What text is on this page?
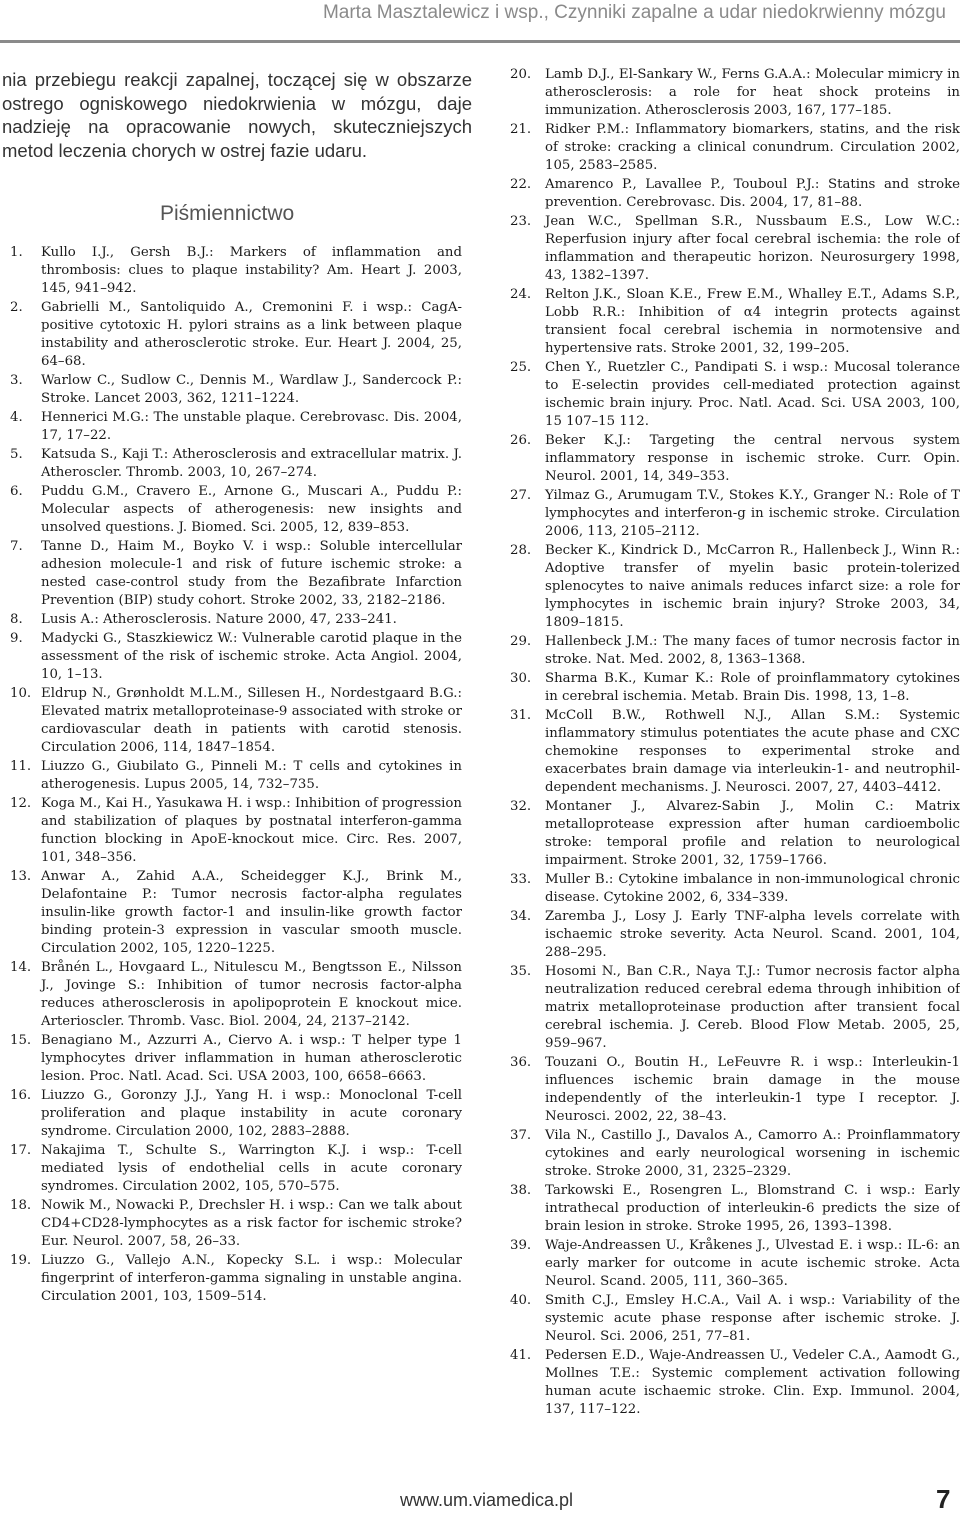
Marta Masztalewicz i wsp., Czynniki zapalne a udar niedokrwienny mózgu

nia przebiegu reakcji zapalnej, toczącej się w obszarze ostrego ogniskowego niedokrwienia w mózgu, daje nadzieję na opracowanie nowych, skuteczniejszych metod leczenia chorych w ostrej fazie udaru.

Piśmiennictwo
1. Kullo I.J., Gersh B.J.: Markers of inflammation and thrombosis: clues to plaque instability? Am. Heart J. 2003, 145, 941–942.
2. Gabrielli M., Santoliquido A., Cremonini F. i wsp.: CagA-positive cytotoxic H. pylori strains as a link between plaque instability and atherosclerotic stroke. Eur. Heart J. 2004, 25, 64–68.
3. Warlow C., Sudlow C., Dennis M., Wardlaw J., Sandercock P.: Stroke. Lancet 2003, 362, 1211–1224.
4. Hennerici M.G.: The unstable plaque. Cerebrovasc. Dis. 2004, 17, 17–22.
5. Katsuda S., Kaji T.: Atherosclerosis and extracellular matrix. J. Atheroscler. Thromb. 2003, 10, 267–274.
6. Puddu G.M., Cravero E., Arnone G., Muscari A., Puddu P.: Molecular aspects of atherogenesis: new insights and unsolved questions. J. Biomed. Sci. 2005, 12, 839–853.
7. Tanne D., Haim M., Boyko V. i wsp.: Soluble intercellular adhesion molecule-1 and risk of future ischemic stroke: a nested case-control study from the Bezafibrate Infarction Prevention (BIP) study cohort. Stroke 2002, 33, 2182–2186.
8. Lusis A.: Atherosclerosis. Nature 2000, 47, 233–241.
9. Madycki G., Staszkiewicz W.: Vulnerable carotid plaque in the assessment of the risk of ischemic stroke. Acta Angiol. 2004, 10, 1–13.
10. Eldrup N., Grønholdt M.L.M., Sillesen H., Nordestgaard B.G.: Elevated matrix metalloproteinase-9 associated with stroke or cardiovascular death in patients with carotid stenosis. Circulation 2006, 114, 1847–1854.
11. Liuzzo G., Giubilato G., Pinneli M.: T cells and cytokines in atherogenesis. Lupus 2005, 14, 732–735.
12. Koga M., Kai H., Yasukawa H. i wsp.: Inhibition of progression and stabilization of plaques by postnatal interferon-gamma function blocking in ApoE-knockout mice. Circ. Res. 2007, 101, 348–356.
13. Anwar A., Zahid A.A., Scheidegger K.J., Brink M., Delafontaine P.: Tumor necrosis factor-alpha regulates insulin-like growth factor-1 and insulin-like growth factor binding protein-3 expression in vascular smooth muscle. Circulation 2002, 105, 1220–1225.
14. Brånén L., Hovgaard L., Nitulescu M., Bengtsson E., Nilsson J., Jovinge S.: Inhibition of tumor necrosis factor-alpha reduces atherosclerosis in apolipoprotein E knockout mice. Arterioscler. Thromb. Vasc. Biol. 2004, 24, 2137–2142.
15. Benagiano M., Azzurri A., Ciervo A. i wsp.: T helper type 1 lymphocytes driver inflammation in human atherosclerotic lesion. Proc. Natl. Acad. Sci. USA 2003, 100, 6658–6663.
16. Liuzzo G., Goronzy J.J., Yang H. i wsp.: Monoclonal T-cell proliferation and plaque instability in acute coronary syndrome. Circulation 2000, 102, 2883–2888.
17. Nakajima T., Schulte S., Warrington K.J. i wsp.: T-cell mediated lysis of endothelial cells in acute coronary syndromes. Circulation 2002, 105, 570–575.
18. Nowik M., Nowacki P., Drechsler H. i wsp.: Can we talk about CD4+CD28-lymphocytes as a risk factor for ischemic stroke? Eur. Neurol. 2007, 58, 26–33.
19. Liuzzo G., Vallejo A.N., Kopecky S.L. i wsp.: Molecular fingerprint of interferon-gamma signaling in unstable angina. Circulation 2001, 103, 1509–514.
20. Lamb D.J., El-Sankary W., Ferns G.A.A.: Molecular mimicry in atherosclerosis: a role for heat shock proteins in immunization. Atherosclerosis 2003, 167, 177–185.
21. Ridker P.M.: Inflammatory biomarkers, statins, and the risk of stroke: cracking a clinical conundrum. Circulation 2002, 105, 2583–2585.
22. Amarenco P., Lavallee P., Touboul P.J.: Statins and stroke prevention. Cerebrovasc. Dis. 2004, 17, 81–88.
23. Jean W.C., Spellman S.R., Nussbaum E.S., Low W.C.: Reperfusion injury after focal cerebral ischemia: the role of inflammation and therapeutic horizon. Neurosurgery 1998, 43, 1382–1397.
24. Relton J.K., Sloan K.E., Frew E.M., Whalley E.T., Adams S.P., Lobb R.R.: Inhibition of α4 integrin protects against transient focal cerebral ischemia in normotensive and hypertensive rats. Stroke 2001, 32, 199–205.
25. Chen Y., Ruetzler C., Pandipati S. i wsp.: Mucosal tolerance to E-selectin provides cell-mediated protection against ischemic brain injury. Proc. Natl. Acad. Sci. USA 2003, 100, 15 107–15 112.
26. Beker K.J.: Targeting the central nervous system inflammatory response in ischemic stroke. Curr. Opin. Neurol. 2001, 14, 349–353.
27. Yilmaz G., Arumugam T.V., Stokes K.Y., Granger N.: Role of T lymphocytes and interferon-g in ischemic stroke. Circulation 2006, 113, 2105–2112.
28. Becker K., Kindrick D., McCarron R., Hallenbeck J., Winn R.: Adoptive transfer of myelin basic protein-tolerized splenocytes to naive animals reduces infarct size: a role for lymphocytes in ischemic brain injury? Stroke 2003, 34, 1809–1815.
29. Hallenbeck J.M.: The many faces of tumor necrosis factor in stroke. Nat. Med. 2002, 8, 1363–1368.
30. Sharma B.K., Kumar K.: Role of proinflammatory cytokines in cerebral ischemia. Metab. Brain Dis. 1998, 13, 1–8.
31. McColl B.W., Rothwell N.J., Allan S.M.: Systemic inflammatory stimulus potentiates the acute phase and CXC chemokine responses to experimental stroke and exacerbates brain damage via interleukin-1- and neutrophil-dependent mechanisms. J. Neurosci. 2007, 27, 4403–4412.
32. Montaner J., Alvarez-Sabin J., Molin C.: Matrix metalloprotease expression after human cardioembolic stroke: temporal profile and relation to neurological impairment. Stroke 2001, 32, 1759–1766.
33. Muller B.: Cytokine imbalance in non-immunological chronic disease. Cytokine 2002, 6, 334–339.
34. Zaremba J., Losy J. Early TNF-alpha levels correlate with ischaemic stroke severity. Acta Neurol. Scand. 2001, 104, 288–295.
35. Hosomi N., Ban C.R., Naya T.J.: Tumor necrosis factor alpha neutralization reduced cerebral edema through inhibition of matrix metalloproteinase production after transient focal cerebral ischemia. J. Cereb. Blood Flow Metab. 2005, 25, 959–967.
36. Touzani O., Boutin H., LeFeuvre R. i wsp.: Interleukin-1 influences ischemic brain damage in the mouse independently of the interleukin-1 type I receptor. J. Neurosci. 2002, 22, 38–43.
37. Vila N., Castillo J., Davalos A., Camorro A.: Proinflammatory cytokines and early neurological worsening in ischemic stroke. Stroke 2000, 31, 2325–2329.
38. Tarkowski E., Rosengren L., Blomstrand C. i wsp.: Early intrathecal production of interleukin-6 predicts the size of brain lesion in stroke. Stroke 1995, 26, 1393–1398.
39. Waje-Andreassen U., Kråkenes J., Ulvestad E. i wsp.: IL-6: an early marker for outcome in acute ischemic stroke. Acta Neurol. Scand. 2005, 111, 360–365.
40. Smith C.J., Emsley H.C.A., Vail A. i wsp.: Variability of the systemic acute phase response after ischemic stroke. J. Neurol. Sci. 2006, 251, 77–81.
41. Pedersen E.D., Waje-Andreassen U., Vedeler C.A., Aamodt G., Mollnes T.E.: Systemic complement activation following human acute ischaemic stroke. Clin. Exp. Immunol. 2004, 137, 117–122.
www.um.viamedica.pl	7
